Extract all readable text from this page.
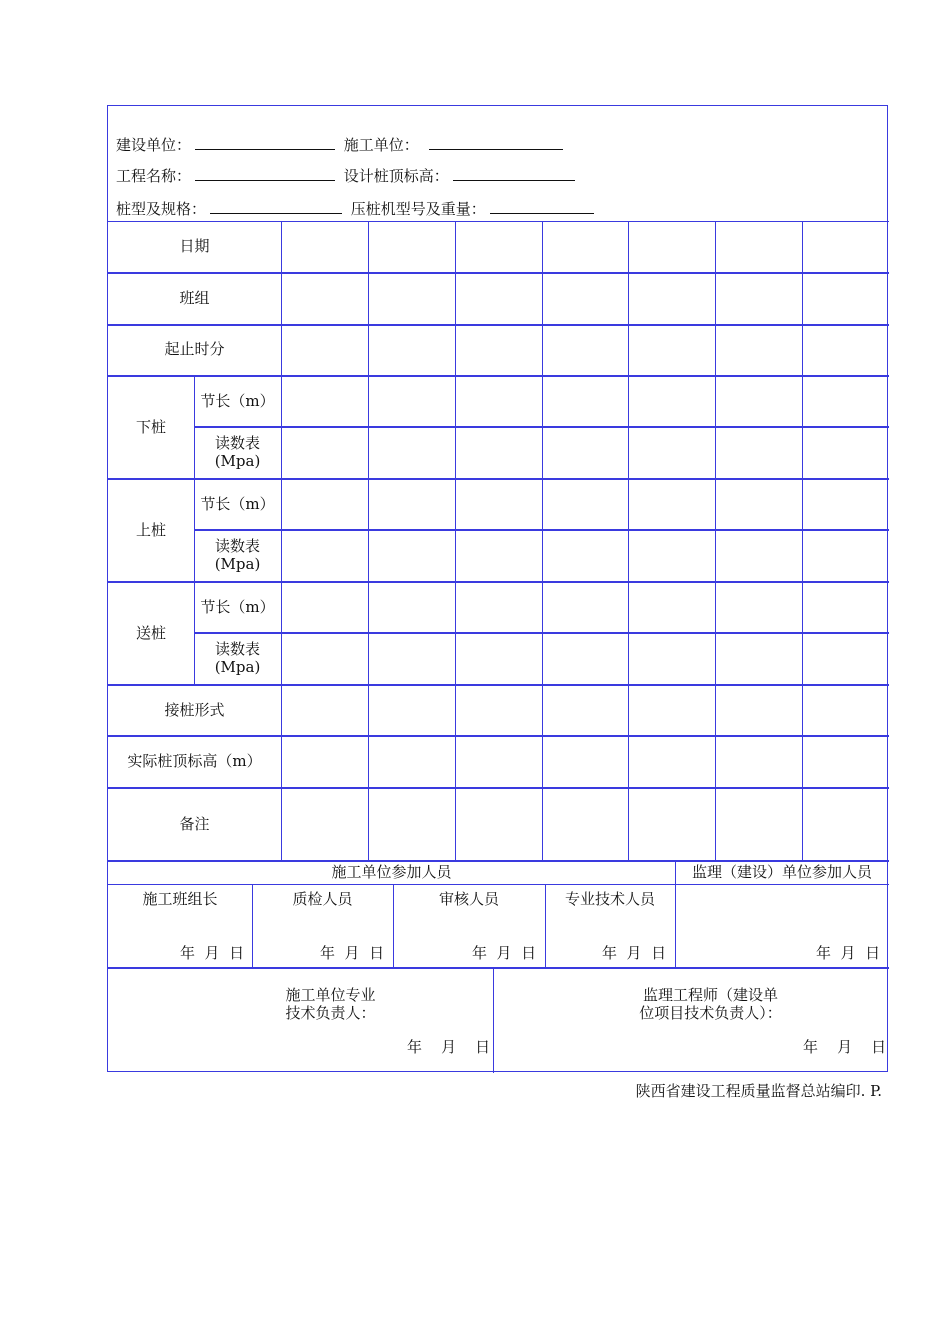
建设单位：	施工单位：
工程名称：	设计桩顶标高：
桩型及规格：	压桩机型号及重量：
日期
班组
起止时分
下桩
节长（m）
读数表
(Mpa)
上桩
节长（m）
读数表
(Mpa)
送桩
节长（m）
读数表
(Mpa)
接桩形式
实际桩顶标高（m）
备注
施工单位参加人员	监理（建设）单位参加人员
施工班组长	质检人员	审核人员	专业技术人员
年  月  日	年  月  日	年  月  日	年  月  日	年  月  日
施工单位专业
技术负责人：
监理工程师（建设单
位项目技术负责人）：
年    月    日	年    月    日
陕西省建设工程质量监督总站编印. P.
